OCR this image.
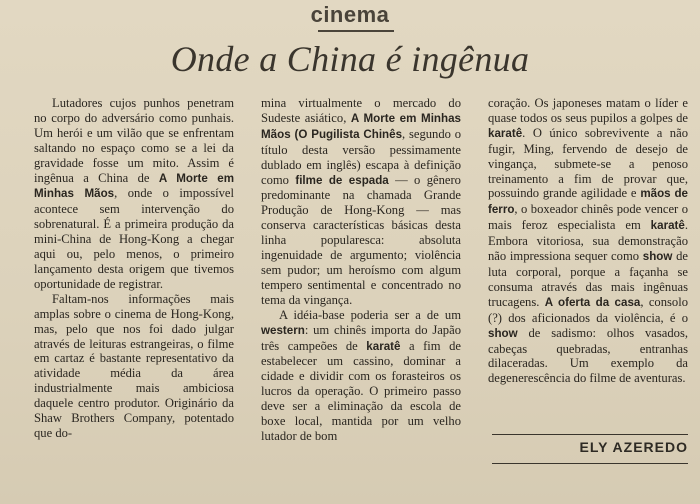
cinema
Onde a China é ingênua

Lutadores cujos punhos penetram no corpo do adversário como punhais. Um herói e um vilão que se enfrentam saltando no espaço como se a lei da gravidade fosse um mito. Assim é ingênua a China de A Morte em Minhas Mãos, onde o impossível acontece sem intervenção do sobrenatural. É a primeira produção da mini-China de Hong-Kong a chegar aqui ou, pelo menos, o primeiro lançamento desta origem que tivemos oportunidade de registrar.

Faltam-nos informações mais amplas sobre o cinema de Hong-Kong, mas, pelo que nos foi dado julgar através de leituras estrangeiras, o filme em cartaz é bastante representativo da atividade média da área industrialmente mais ambiciosa daquele centro produtor. Originário da Shaw Brothers Company, potentado que do-

mina virtualmente o mercado do Sudeste asiático, A Morte em Minhas Mãos (O Pugilista Chinês, segundo o título desta versão pessimamente dublado em inglês) escapa à definição como filme de espada — o gênero predominante na chamada Grande Produção de Hong-Kong — mas conserva características básicas desta linha popularesca: absoluta ingenuidade de argumento; violência sem pudor; um heroísmo com algum tempero sentimental e concentrado no tema da vingança.

A idéia-base poderia ser a de um western: um chinês importa do Japão três campeões de karatê a fim de estabelecer um cassino, dominar a cidade e dividir com os forasteiros os lucros da operação. O primeiro passo deve ser a eliminação da escola de boxe local, mantida por um velho lutador de bom

coração. Os japoneses matam o líder e quase todos os seus pupilos a golpes de karatê. O único sobrevivente a não fugir, Ming, fervendo de desejo de vingança, submete-se a penoso treinamento a fim de provar que, possuindo grande agilidade e mãos de ferro, o boxeador chinês pode vencer o mais feroz especialista em karatê. Embora vitoriosa, sua demonstração não impressiona sequer como show de luta corporal, porque a façanha se consuma através das mais ingênuas trucagens. A oferta da casa, consolo (?) dos aficionados da violência, é o show de sadismo: olhos vasados, cabeças quebradas, entranhas dilaceradas. Um exemplo da degenerescência do filme de aventuras.

ELY AZEREDO
